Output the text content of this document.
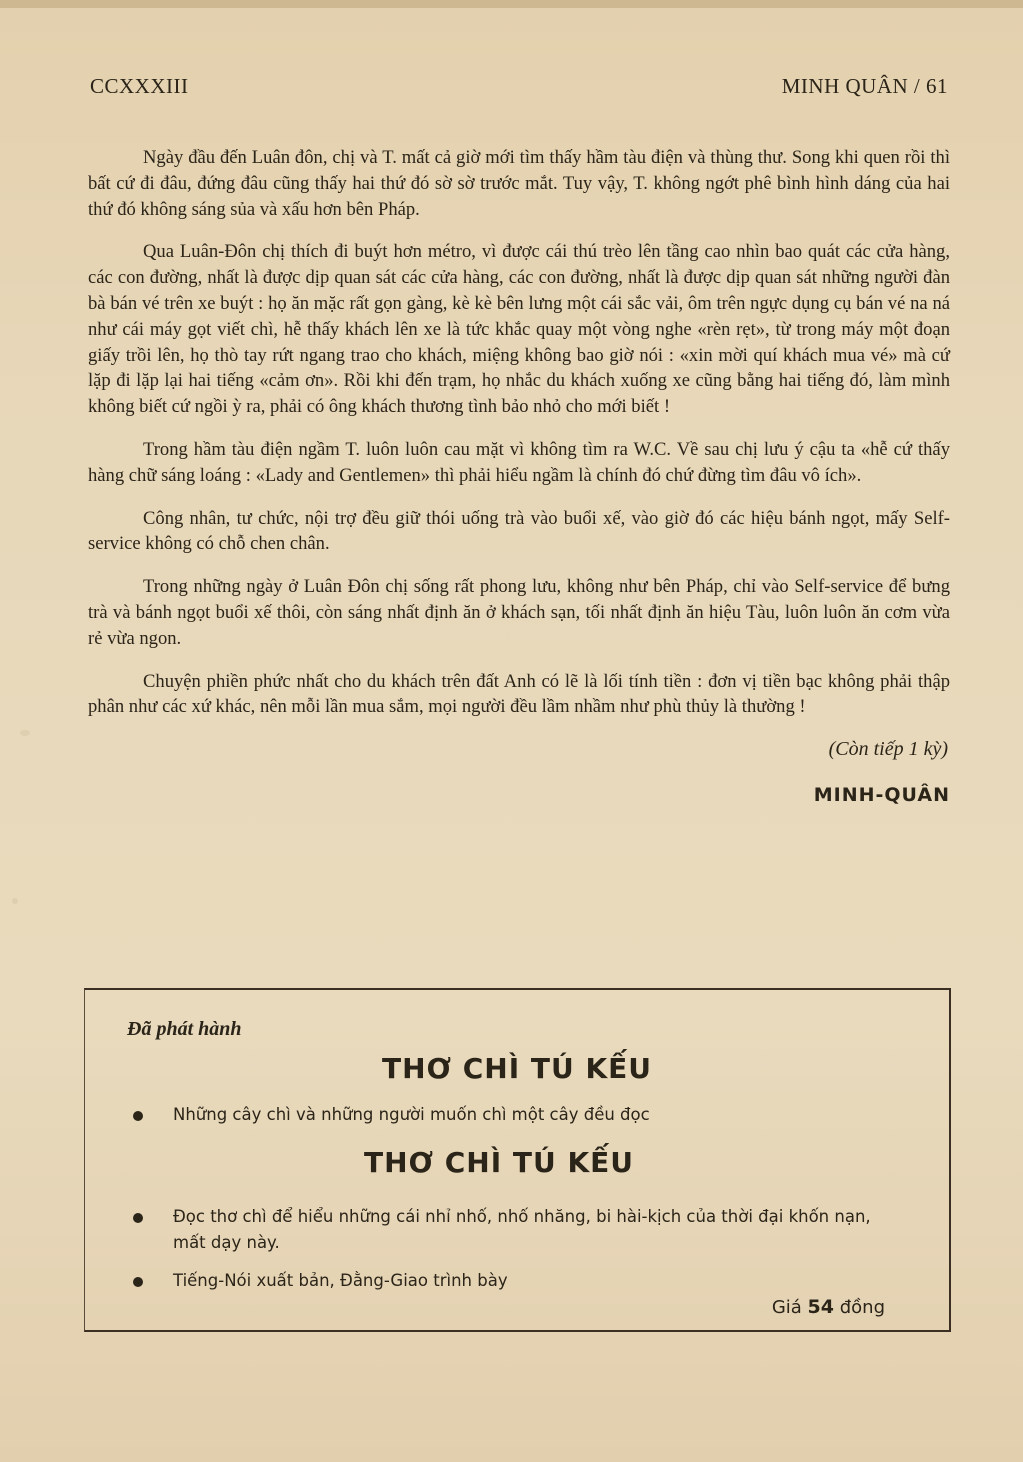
CCXXXIII	MINH QUÂN / 61

Ngày đầu đến Luân đôn, chị và T. mất cả giờ mới tìm thấy hầm tàu điện và thùng thư. Song khi quen rồi thì bất cứ đi đâu, đứng đâu cũng thấy hai thứ đó sờ sờ trước mắt. Tuy vậy, T. không ngớt phê bình hình dáng của hai thứ đó không sáng sủa và xấu hơn bên Pháp.

Qua Luân-Đôn chị thích đi buýt hơn métro, vì được cái thú trèo lên tầng cao nhìn bao quát các cửa hàng, các con đường, nhất là được dịp quan sát các cửa hàng, các con đường, nhất là được dịp quan sát những người đàn bà bán vé trên xe buýt : họ ăn mặc rất gọn gàng, kè kè bên lưng một cái sắc vải, ôm trên ngực dụng cụ bán vé na ná như cái máy gọt viết chì, hễ thấy khách lên xe là tức khắc quay một vòng nghe «rèn rẹt», từ trong máy một đoạn giấy trồi lên, họ thò tay rứt ngang trao cho khách, miệng không bao giờ nói : «xin mời quí khách mua vé» mà cứ lặp đi lặp lại hai tiếng «cảm ơn». Rồi khi đến trạm, họ nhắc du khách xuống xe cũng bằng hai tiếng đó, làm mình không biết cứ ngồi ỳ ra, phải có ông khách thương tình bảo nhỏ cho mới biết !

Trong hầm tàu điện ngầm T. luôn luôn cau mặt vì không tìm ra W.C. Về sau chị lưu ý cậu ta «hễ cứ thấy hàng chữ sáng loáng : «Lady and Gentlemen» thì phải hiểu ngầm là chính đó chứ đừng tìm đâu vô ích».

Công nhân, tư chức, nội trợ đều giữ thói uống trà vào buổi xế, vào giờ đó các hiệu bánh ngọt, mấy Self-service không có chỗ chen chân.

Trong những ngày ở Luân Đôn chị sống rất phong lưu, không như bên Pháp, chỉ vào Self-service để bưng trà và bánh ngọt buổi xế thôi, còn sáng nhất định ăn ở khách sạn, tối nhất định ăn hiệu Tàu, luôn luôn ăn cơm vừa rẻ vừa ngon.

Chuyện phiền phức nhất cho du khách trên đất Anh có lẽ là lối tính tiền : đơn vị tiền bạc không phải thập phân như các xứ khác, nên mỗi lần mua sắm, mọi người đều lầm nhầm như phù thủy là thường !

(Còn tiếp 1 kỳ)
MINH-QUÂN
Đã phát hành
THƠ CHÌ TÚ KẾU
Những cây chì và những người muốn chì một cây đều đọc
THƠ CHÌ TÚ KẾU
Đọc thơ chì để hiểu những cái nhỉ nhố, nhố nhăng, bi hài-kịch của thời đại khốn nạn, mất dạy này.
Tiếng-Nói xuất bản, Đằng-Giao trình bày
Giá 54 đồng
